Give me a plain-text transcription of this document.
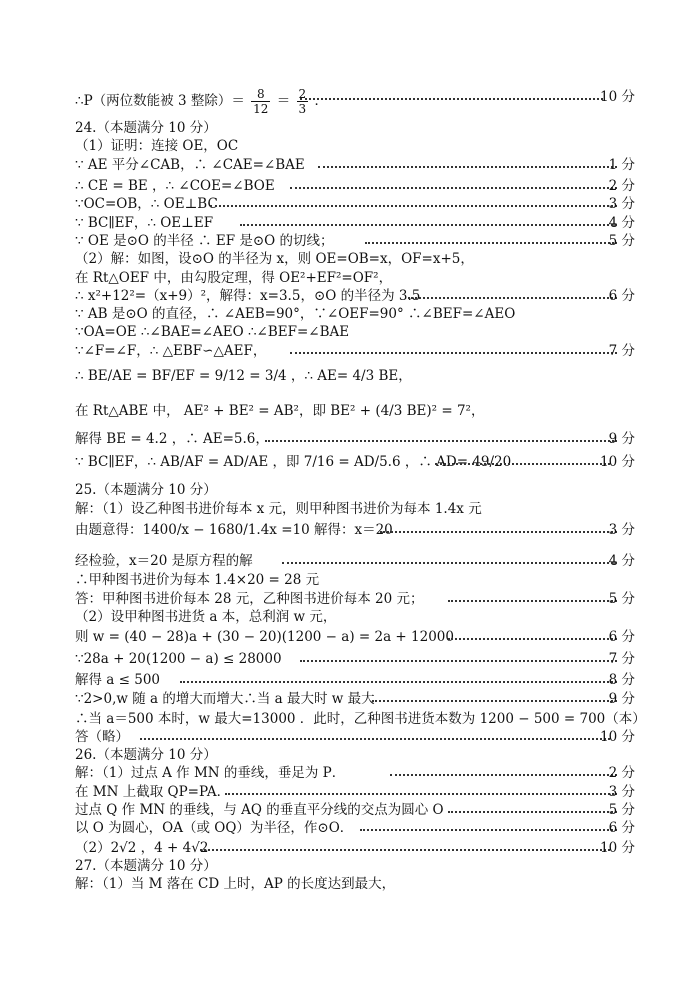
∴P（两位数能被 3 整除）＝ $\frac{8}{12} = \frac{2}{3}$ ．	10 分
24.（本题满分 10 分）
（1）证明：连接 OE，OC
∵ AE 平分∠CAB，∴ ∠CAE=∠BAE	1 分
∴ CE = BE ，∴ ∠COE=∠BOE	2 分
∵OC=OB，∴ OE⊥BC	3 分
∵ BC∥EF，∴ OE⊥EF	4 分
∵ OE 是⊙O 的半径 ∴ EF 是⊙O 的切线；	5 分
（2）解：如图，设⊙O 的半径为 x，则 OE=OB=x，OF=x+5，
在 Rt△OEF 中，由勾股定理，得 OE²+EF²=OF²，
∴ x²+12²=（x+9）²，解得：x=3.5，⊙O 的半径为 3.5	6 分
∵ AB 是⊙O 的直径，∴ ∠AEB=90°，∵∠OEF=90° ∴∠BEF=∠AEO
∵OA=OE ∴∠BAE=∠AEO ∴∠BEF=∠BAE
∵∠F=∠F，∴ △EBF∽△AEF，	7 分
∴ BE/AE = BF/EF = 9/12 = 3/4 ，∴ AE= 4/3 BE，
在 Rt△ABE 中， AE² + BE² = AB²，即 BE² + (4/3 BE)² = 7²，
解得 BE = 4.2 ，∴ AE=5.6，	9 分
∵ BC∥EF，∴ AB/AF = AD/AE ，即 7/16 = AD/5.6 ，∴ AD= 49/20	10 分
25.（本题满分 10 分）
解：（1）设乙种图书进价每本 x 元，则甲种图书进价为每本 1.4x 元
由题意得：1400/x − 1680/1.4x =10 解得：x＝20	3 分
经检验，x＝20 是原方程的解	4 分
∴甲种图书进价为每本 1.4×20 = 28 元
答：甲种图书进价每本 28 元，乙种图书进价每本 20 元；	5 分
（2）设甲种图书进货 a 本，总利润 w 元，
则 w = (40 − 28)a + (30 − 20)(1200 − a) = 2a + 12000	6 分
∵28a + 20(1200 − a) ≤ 28000	7 分
解得 a ≤ 500	8 分
∵2>0,w 随 a 的增大而增大∴当 a 最大时 w 最大	9 分
∴当 a＝500 本时，w 最大=13000 ．此时，乙种图书进货本数为 1200 − 500 = 700（本）
答（略）	10 分
26.（本题满分 10 分）
解：（1）过点 A 作 MN 的垂线，垂足为 P．	2 分
在 MN 上截取 QP=PA．	3 分
过点 Q 作 MN 的垂线，与 AQ 的垂直平分线的交点为圆心 O	5 分
以 O 为圆心，OA（或 OQ）为半径，作⊙O．	6 分
（2）2√2 ，4 + 4√2	10 分
27.（本题满分 10 分）
解：（1）当 M 落在 CD 上时，AP 的长度达到最大，
